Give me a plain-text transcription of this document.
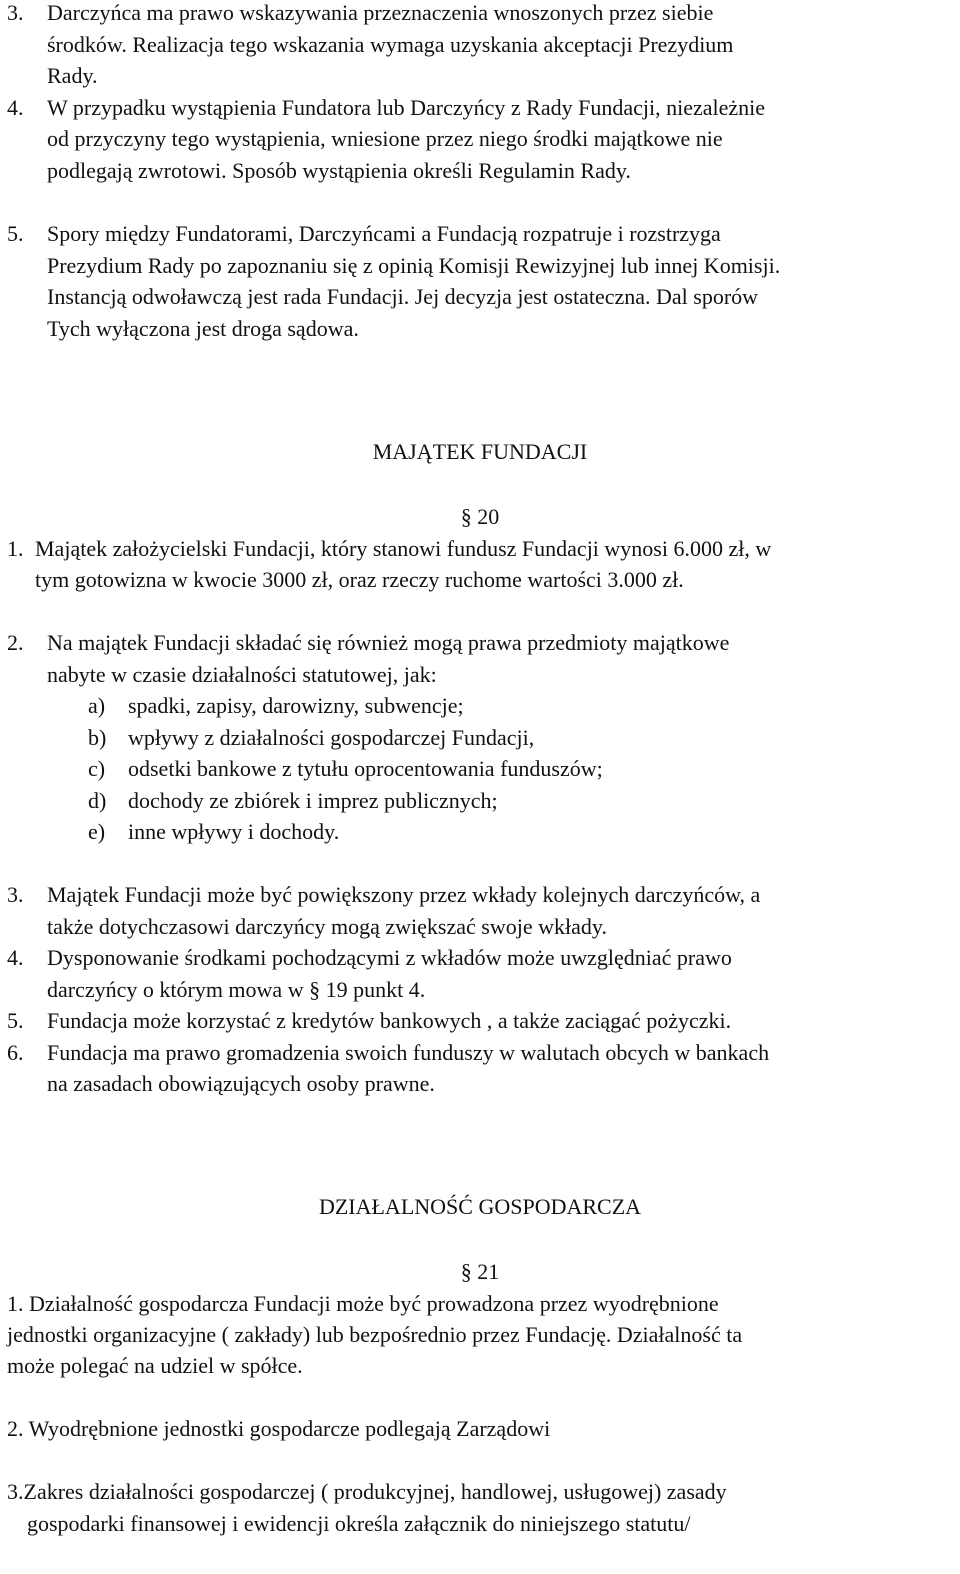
3. Darczyńca ma prawo wskazywania przeznaczenia wnoszonych przez siebie
środków. Realizacja tego wskazania wymaga uzyskania akceptacji Prezydium
Rady.
4. W przypadku wystąpienia Fundatora lub Darczyńcy z Rady Fundacji, niezależnie
od przyczyny tego wystąpienia, wniesione przez niego środki majątkowe nie
podlegają zwrotowi. Sposób wystąpienia określi Regulamin Rady.
5. Spory między Fundatorami, Darczyńcami a Fundacją rozpatruje i rozstrzyga
Prezydium Rady po zapoznaniu się z opinią Komisji Rewizyjnej lub innej Komisji.
Instancją odwoławczą jest rada Fundacji. Jej decyzja jest ostateczna. Dal sporów
Tych wyłączona jest droga sądowa.
MAJĄTEK FUNDACJI
§ 20
1. Majątek założycielski Fundacji, który stanowi fundusz Fundacji wynosi 6.000 zł, w
tym gotowizna w kwocie 3000 zł, oraz rzeczy ruchome wartości 3.000 zł.
2. Na majątek Fundacji składać się również mogą prawa przedmioty majątkowe
nabyte w czasie działalności statutowej, jak:
a) spadki, zapisy, darowizny, subwencje;
b) wpływy z działalności gospodarczej Fundacji,
c) odsetki bankowe z tytułu oprocentowania funduszów;
d) dochody ze zbiórek i imprez publicznych;
e) inne wpływy i dochody.
3. Majątek Fundacji może być powiększony przez wkłady kolejnych darczyńców, a
także dotychczasowi darczyńcy mogą zwiększać swoje wkłady.
4. Dysponowanie środkami pochodzącymi z wkładów może uwzględniać prawo
darczyńcy o którym mowa w § 19 punkt 4.
5. Fundacja może korzystać z kredytów bankowych , a także zaciągać pożyczki.
6. Fundacja ma prawo gromadzenia swoich funduszy w walutach obcych w bankach
na zasadach obowiązujących osoby prawne.
DZIAŁALNOŚĆ GOSPODARCZA
§ 21
1. Działalność gospodarcza Fundacji może być prowadzona przez wyodrębnione
jednostki organizacyjne ( zakłady) lub bezpośrednio przez Fundację. Działalność ta
może polegać na udziel w spółce.
2. Wyodrębnione jednostki gospodarcze podlegają Zarządowi
3.Zakres działalności gospodarczej ( produkcyjnej, handlowej, usługowej) zasady
gospodarki finansowej i ewidencji określa załącznik do niniejszego statutu/
